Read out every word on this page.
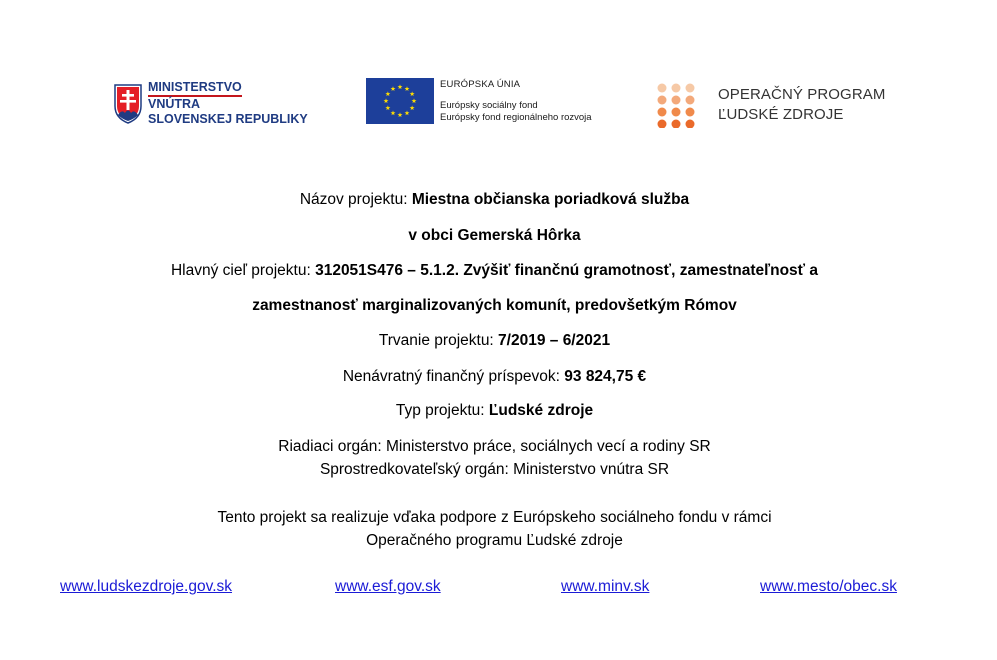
MINISTERSTVO
VNÚTRA
SLOVENSKEJ REPUBLIKY
EURÓPSKA ÚNIA
Európsky sociálny fond
Európsky fond regionálneho rozvoja
OPERAČNÝ PROGRAM
ĽUDSKÉ ZDROJE
Názov projektu: Miestna občianska poriadková služba
v obci Gemerská Hôrka
Hlavný cieľ projektu: 312051S476 – 5.1.2. Zvýšiť finančnú gramotnosť, zamestnateľnosť a
zamestnanosť marginalizovaných komunít, predovšetkým Rómov
Trvanie projektu: 7/2019 – 6/2021
Nenávratný finančný príspevok: 93 824,75 €
Typ projektu: Ľudské zdroje
Riadiaci orgán: Ministerstvo práce, sociálnych vecí a rodiny SR
Sprostredkovateľský orgán: Ministerstvo vnútra SR
Tento projekt sa realizuje vďaka podpore z Európskeho sociálneho fondu v rámci
Operačného programu Ľudské zdroje
www.ludskezdroje.gov.sk	www.esf.gov.sk	www.minv.sk	www.mesto/obec.sk
